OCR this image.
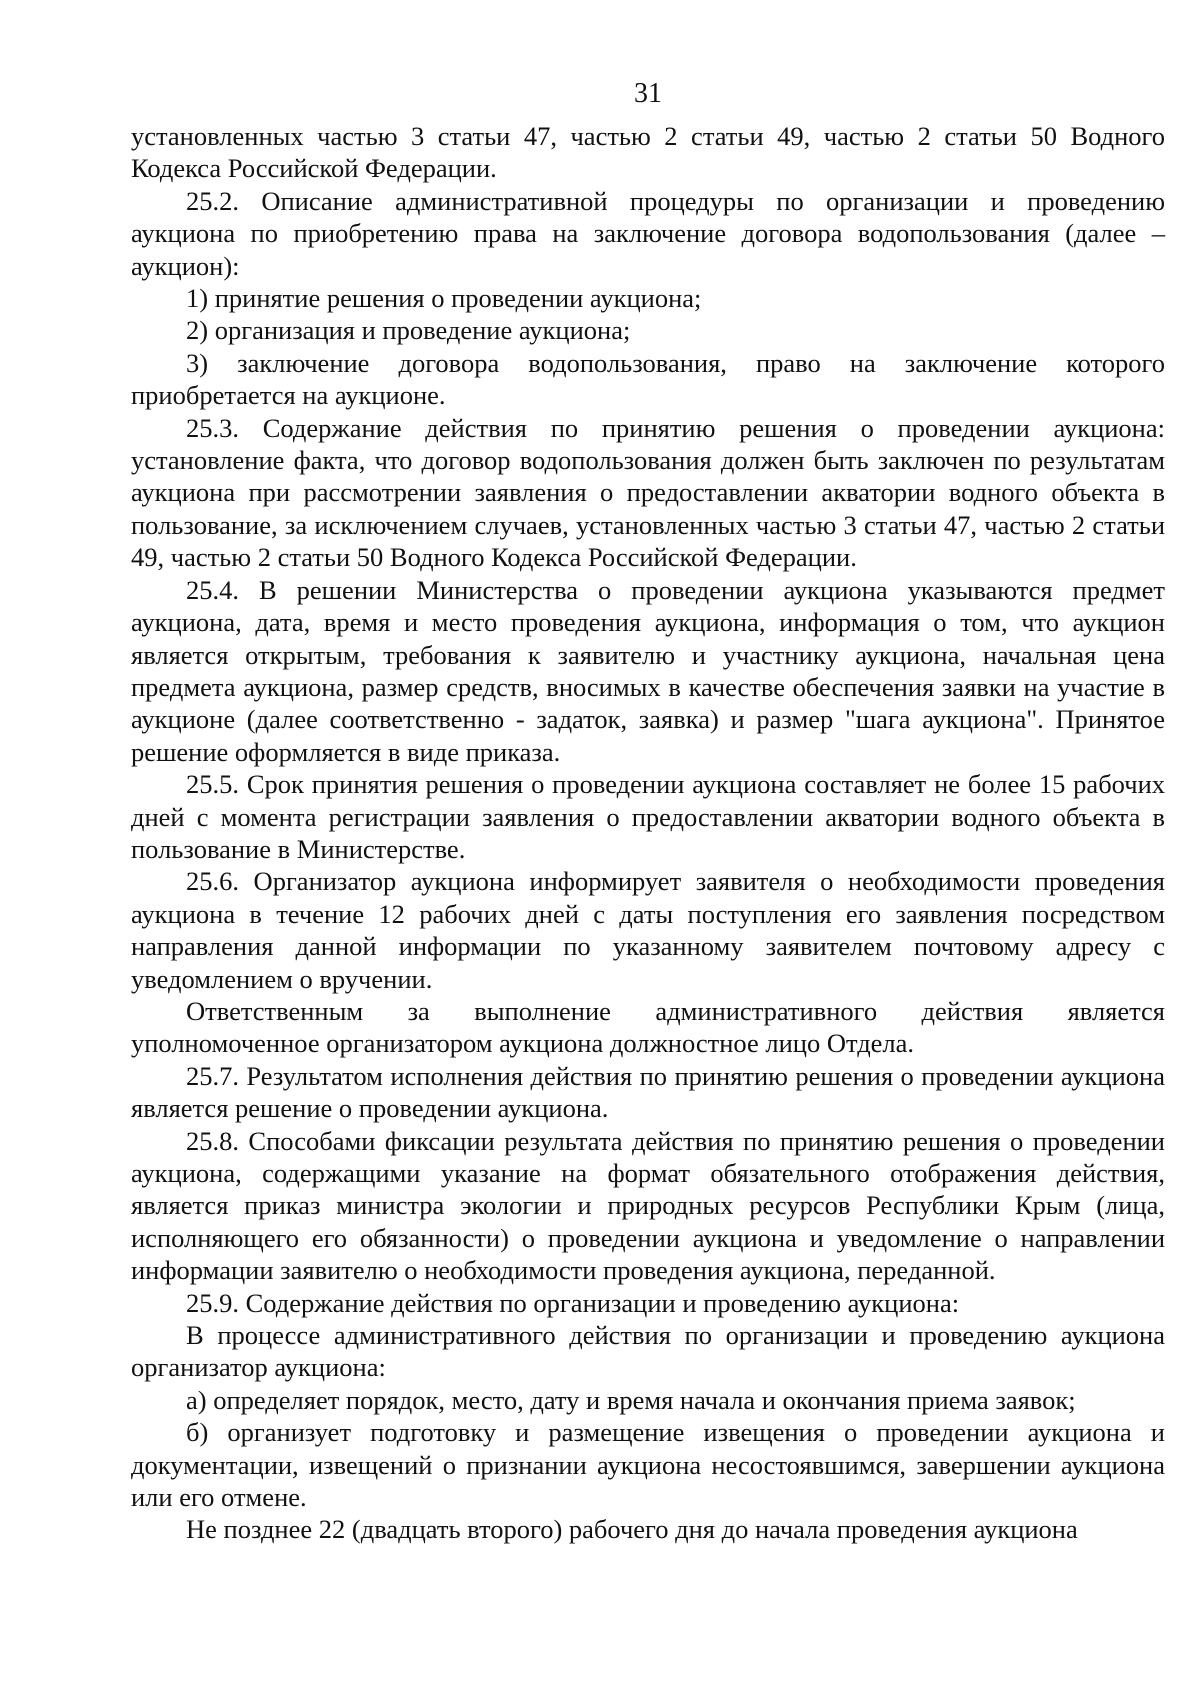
31

установленных частью 3 статьи 47, частью 2 статьи 49, частью 2 статьи 50 Водного Кодекса Российской Федерации.

25.2. Описание административной процедуры по организации и проведению аукциона по приобретению права на заключение договора водопользования (далее – аукцион):

1) принятие решения о проведении аукциона;

2) организация и проведение аукциона;

3) заключение договора водопользования, право на заключение которого приобретается на аукционе.

25.3. Содержание действия по принятию решения о проведении аукциона: установление факта, что договор водопользования должен быть заключен по результатам аукциона при рассмотрении заявления о предоставлении акватории водного объекта в пользование, за исключением случаев, установленных частью 3 статьи 47, частью 2 статьи 49, частью 2 статьи 50 Водного Кодекса Российской Федерации.

25.4. В решении Министерства о проведении аукциона указываются предмет аукциона, дата, время и место проведения аукциона, информация о том, что аукцион является открытым, требования к заявителю и участнику аукциона, начальная цена предмета аукциона, размер средств, вносимых в качестве обеспечения заявки на участие в аукционе (далее соответственно - задаток, заявка) и размер "шага аукциона". Принятое решение оформляется в виде приказа.

25.5. Срок принятия решения о проведении аукциона составляет не более 15 рабочих дней с момента регистрации заявления о предоставлении акватории водного объекта в пользование в Министерстве.

25.6. Организатор аукциона информирует заявителя о необходимости проведения аукциона в течение 12 рабочих дней с даты поступления его заявления посредством направления данной информации по указанному заявителем почтовому адресу с уведомлением о вручении.

Ответственным за выполнение административного действия является уполномоченное организатором аукциона должностное лицо Отдела.

25.7. Результатом исполнения действия по принятию решения о проведении аукциона является решение о проведении аукциона.

25.8. Способами фиксации результата действия по принятию решения о проведении аукциона, содержащими указание на формат обязательного отображения действия, является приказ министра экологии и природных ресурсов Республики Крым (лица, исполняющего его обязанности) о проведении аукциона и уведомление о направлении информации заявителю о необходимости проведения аукциона, переданной.

25.9. Содержание действия по организации и проведению аукциона:

В процессе административного действия по организации и проведению аукциона организатор аукциона:

а) определяет порядок, место, дату и время начала и окончания приема заявок;

б) организует подготовку и размещение извещения о проведении аукциона и документации, извещений о признании аукциона несостоявшимся, завершении аукциона или его отмене.

Не позднее 22 (двадцать второго) рабочего дня до начала проведения аукциона
